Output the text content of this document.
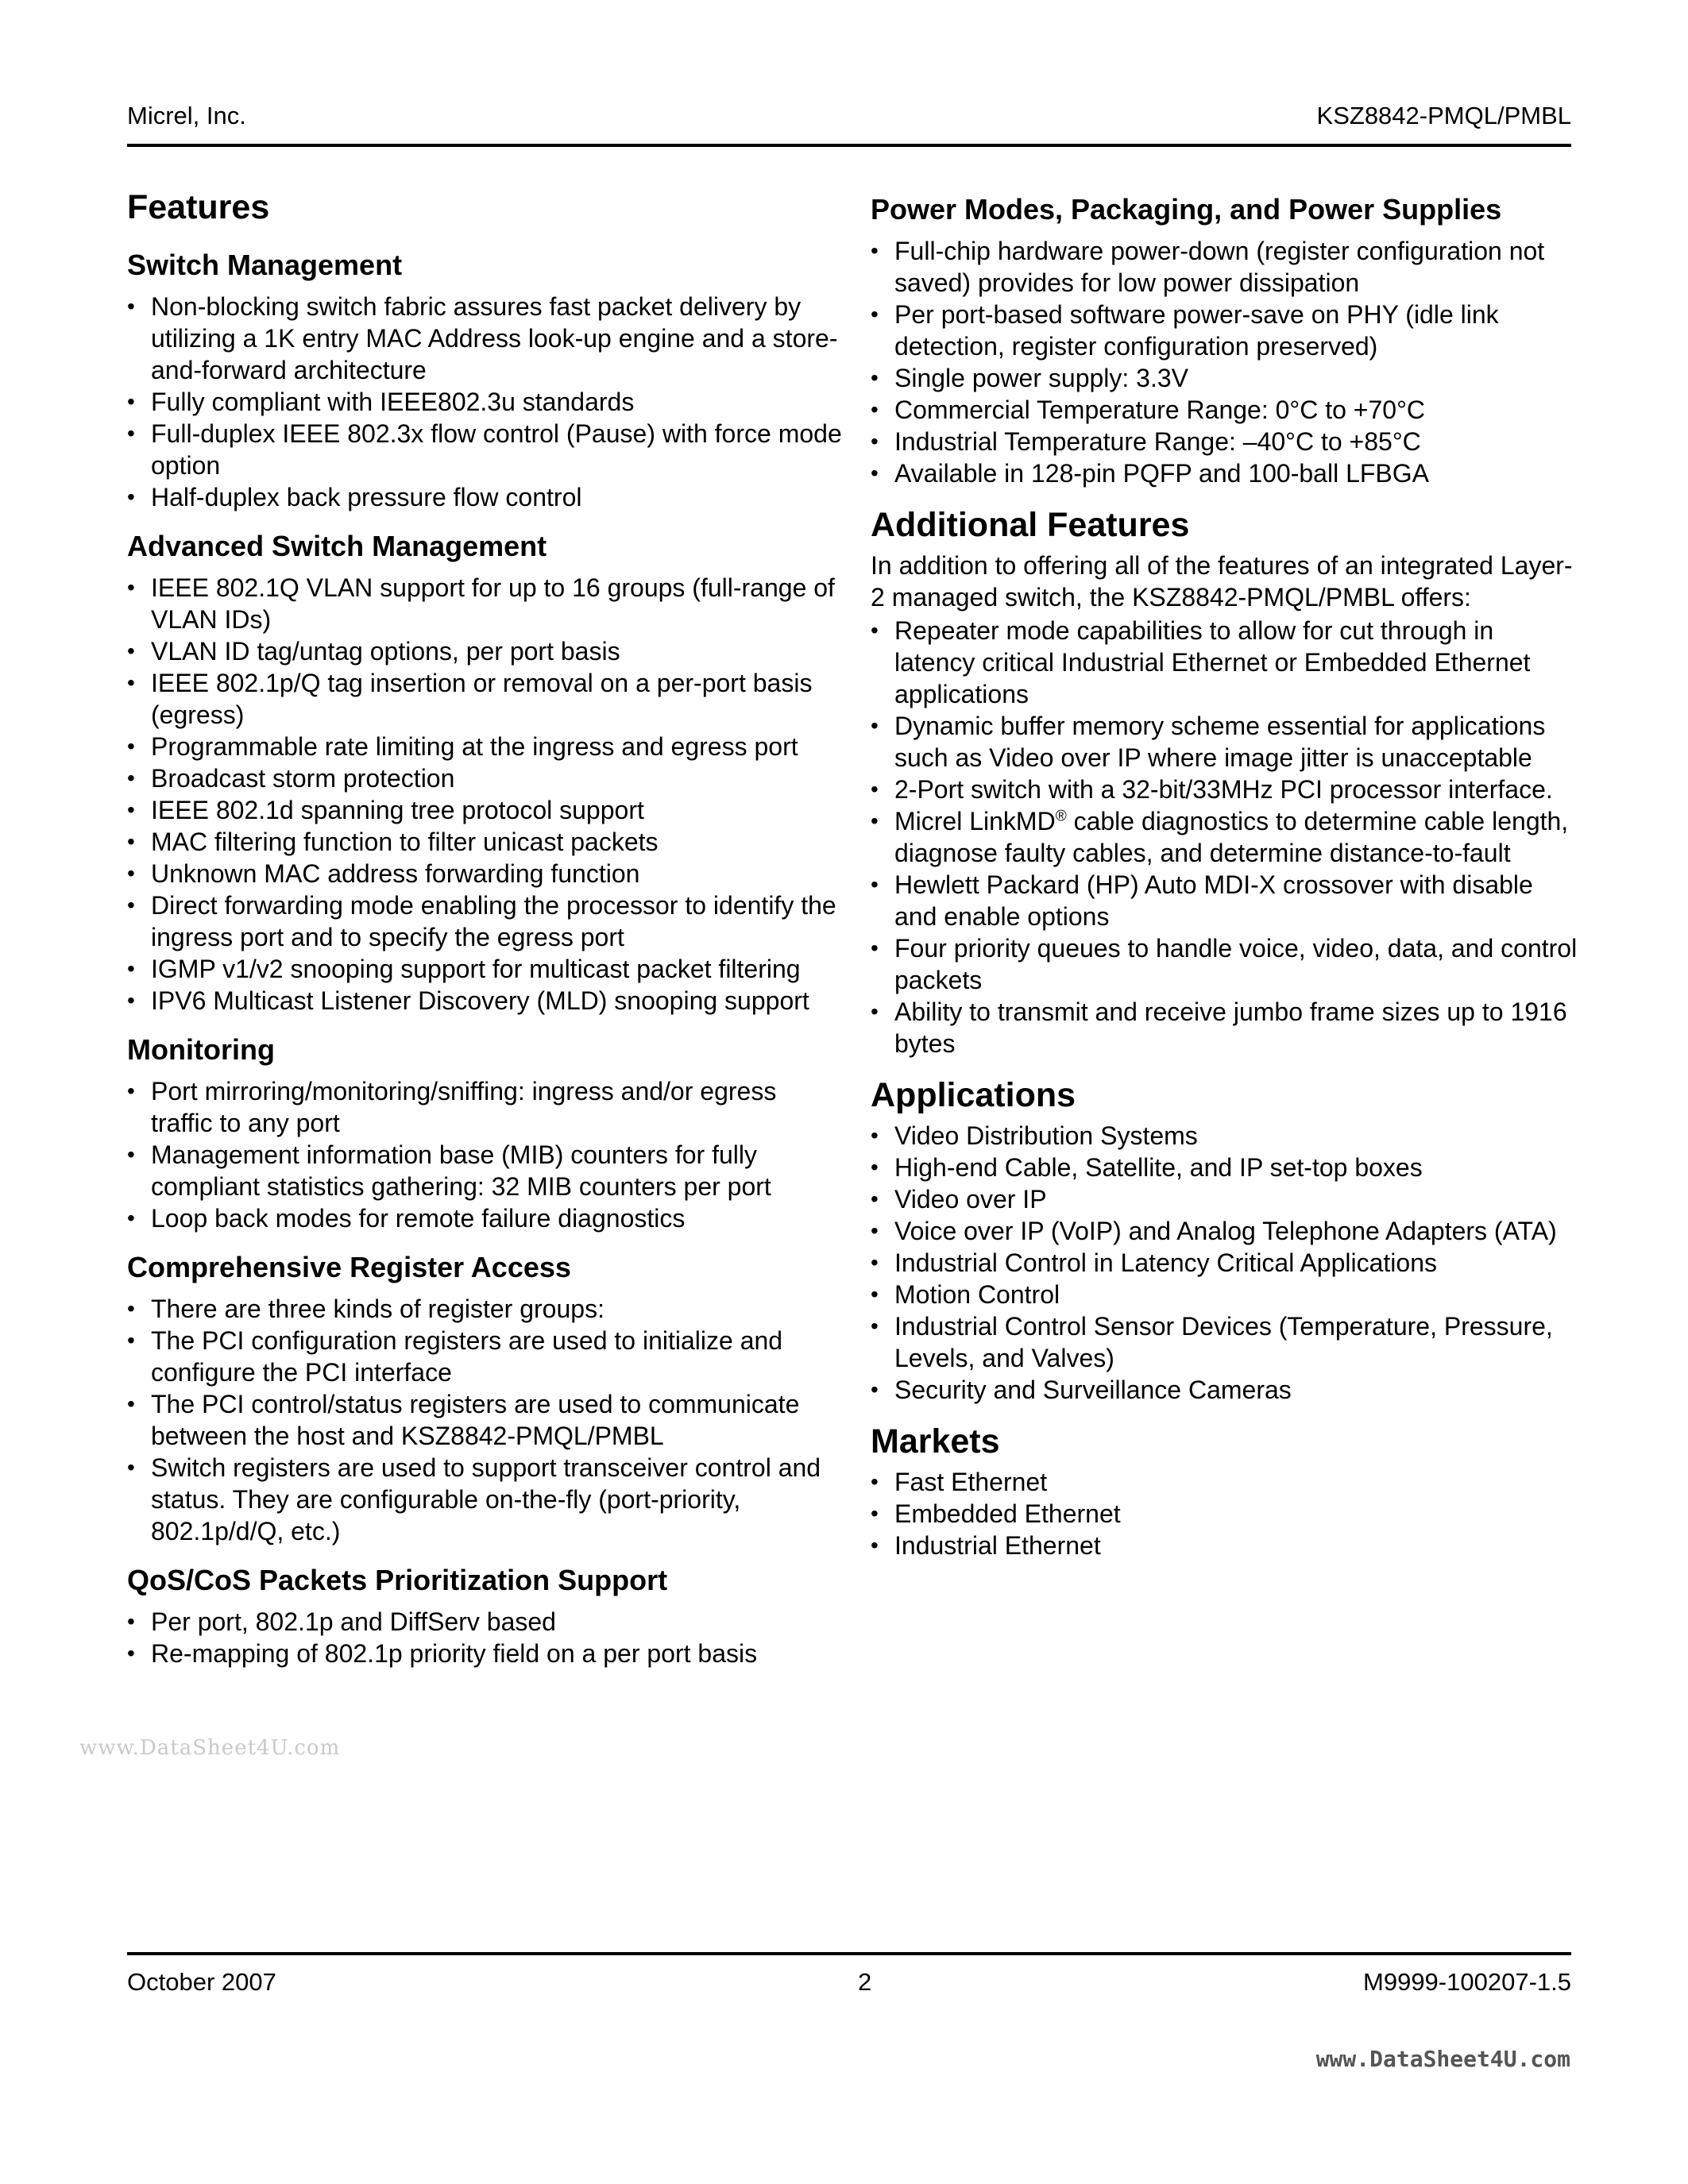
Micrel, Inc.	KSZ8842-PMQL/PMBL
Features
Switch Management
• Non-blocking switch fabric assures fast packet delivery by utilizing a 1K entry MAC Address look-up engine and a store-and-forward architecture
• Fully compliant with IEEE802.3u standards
• Full-duplex IEEE 802.3x flow control (Pause) with force mode option
• Half-duplex back pressure flow control
Advanced Switch Management
• IEEE 802.1Q VLAN support for up to 16 groups (full-range of VLAN IDs)
• VLAN ID tag/untag options, per port basis
• IEEE 802.1p/Q tag insertion or removal on a per-port basis (egress)
• Programmable rate limiting at the ingress and egress port
• Broadcast storm protection
• IEEE 802.1d spanning tree protocol support
• MAC filtering function to filter unicast packets
• Unknown MAC address forwarding function
• Direct forwarding mode enabling the processor to identify the ingress port and to specify the egress port
• IGMP v1/v2 snooping support for multicast packet filtering
• IPV6 Multicast Listener Discovery (MLD) snooping support
Monitoring
• Port mirroring/monitoring/sniffing: ingress and/or egress traffic to any port
• Management information base (MIB) counters for fully compliant statistics gathering: 32 MIB counters per port
• Loop back modes for remote failure diagnostics
Comprehensive Register Access
• There are three kinds of register groups:
• The PCI configuration registers are used to initialize and configure the PCI interface
• The PCI control/status registers are used to communicate between the host and KSZ8842-PMQL/PMBL
• Switch registers are used to support transceiver control and status. They are configurable on-the-fly (port-priority, 802.1p/d/Q, etc.)
QoS/CoS Packets Prioritization Support
• Per port, 802.1p and DiffServ based
• Re-mapping of 802.1p priority field on a per port basis
Power Modes, Packaging, and Power Supplies
• Full-chip hardware power-down (register configuration not saved) provides for low power dissipation
• Per port-based software power-save on PHY (idle link detection, register configuration preserved)
• Single power supply: 3.3V
• Commercial Temperature Range: 0°C to +70°C
• Industrial Temperature Range: –40°C to +85°C
• Available in 128-pin PQFP and 100-ball LFBGA
Additional Features
In addition to offering all of the features of an integrated Layer-2 managed switch, the KSZ8842-PMQL/PMBL offers:
• Repeater mode capabilities to allow for cut through in latency critical Industrial Ethernet or Embedded Ethernet applications
• Dynamic buffer memory scheme essential for applications such as Video over IP where image jitter is unacceptable
• 2-Port switch with a 32-bit/33MHz PCI processor interface.
• Micrel LinkMD® cable diagnostics to determine cable length, diagnose faulty cables, and determine distance-to-fault
• Hewlett Packard (HP) Auto MDI-X crossover with disable and enable options
• Four priority queues to handle voice, video, data, and control packets
• Ability to transmit and receive jumbo frame sizes up to 1916 bytes
Applications
• Video Distribution Systems
• High-end Cable, Satellite, and IP set-top boxes
• Video over IP
• Voice over IP (VoIP) and Analog Telephone Adapters (ATA)
• Industrial Control in Latency Critical Applications
• Motion Control
• Industrial Control Sensor Devices (Temperature, Pressure, Levels, and Valves)
• Security and Surveillance Cameras
Markets
• Fast Ethernet
• Embedded Ethernet
• Industrial Ethernet
www.DataSheet4U.com
October 2007	2	M9999-100207-1.5
www.DataSheet4U.com
